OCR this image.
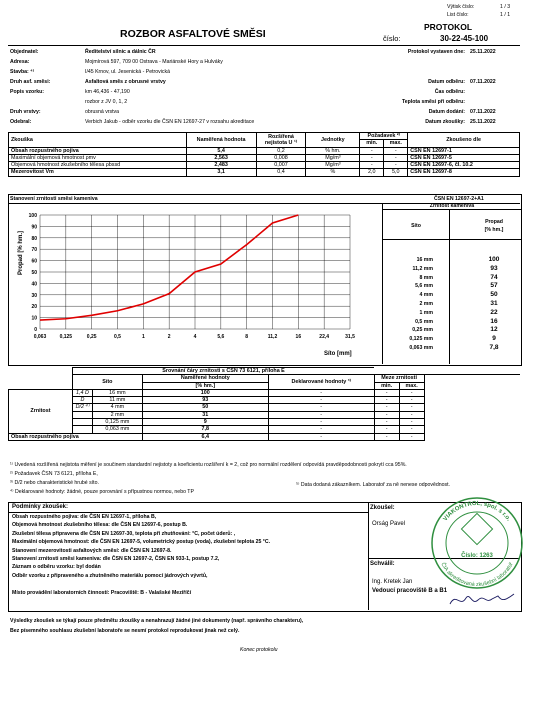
Výtisk číslo:	1 / 3
List číslo:	1 / 1
ROZBOR ASFALTOVÉ SMĚSI
PROTOKOL
číslo:	30-22-45-100
Objednatel:	Ředitelství silnic a dálnic ČR
Adresa:	Mojmírová 597, 709 00 Ostrava - Mariánské Hory a Hulváky
Stavba: ⁴⁾	I/45 Krnov, ul. Jesenická - Petrovická
Druh asf. směsi:	Asfaltová směs z obrusné vrstvy
Popis vzorku:	km 46,436 - 47,190
rozbor z JV 0, 1, 2
Druh vrstvy:	obrusná vrstva
Odebral:	Verbich Jakub - odběr vzorku dle ČSN EN 12697-27 v rozsahu akreditace
Protokol vystaven dne: 25.11.2022
Datum odběru: 07.11.2022
Čas odběru:
Teplota směsi při odběru:
Datum dodání: 07.11.2022
Datum zkoušky: 25.11.2022
Zkouška	Naměřená hodnota	Rozšířená nejistota U ¹⁾	Jednotky	Požadavek ²⁾		Zkoušeno dle
				min.	max.	
Obsah rozpustného pojiva	5,4	0,2	% hm.	-	-	ČSN EN 12697-1
Maximální objemová hmotnost ρmv	2,563	0,008	Mg/m³	-	-	ČSN EN 12697-5
Objemová hmotnost zkušebního tělesa ρbssd	2,483	0,007	Mg/m³	-	-	ČSN EN 12697-6, čl. 10.2
Mezerovitost Vm	3,1	0,4	%	2,0	5,0	ČSN EN 12697-8
Stanovení zrnitosti směsi kameniva	ČSN EN 12697-2+A1
0
10
20
30
40
50
60
70
80
90
100
0,063	0,125	0,25	0,5	1	2	4	5,6	8	11,2	16	22,4	31,5
Propad [% hm.]
Síto [mm]
Zrnitost kameniva
Síto
Propad
[% hm.]
16 mm	100
11,2 mm	93
8 mm	74
5,6 mm	57
4 mm	50
2 mm	31
1 mm	22
0,5 mm	16
0,25 mm	12
0,125 mm	9
0,063 mm	7,8
	Srovnání čáry zrnitosti s ČSN 73 6121, příloha E						
	Síto		Naměřené hodnoty	Deklarované hodnoty ³⁾	Meze zrnitosti		
			[% hm.]		min.	max.	
Zrnitost	1,4 D	16 mm	100	-	-	-	
	D	11 mm	93	-	-	-	
	D/2 ⁴⁾	4 mm	50	-	-	-	
		2 mm	31	-	-	-	
		0,125 mm	9	-	-	-	
		0,063 mm	7,8	-	-	-	
Obsah rozpustného pojiva			6,4	-	-	-	
¹⁾ Uvedená rozšířená nejistota měření je součinem standardní nejistoty a koeficientu rozšíření k = 2, což pro normální rozdělení odpovídá pravděpodobnosti pokrytí cca 95%.
²⁾ Požadavek ČSN 73 6121, příloha E,
³⁾ D/2 nebo charakteristické hrubé síto.
⁴⁾ Deklarované hodnoty: žádné, pouze porovnání s přípustnou normou, nebo TP
⁵⁾ Data dodaná zákazníkem. Laboratoř za ně nenese odpovědnost.
Podmínky zkoušek:
Obsah rozpustného pojiva: dle ČSN EN 12697-1, příloha B,
Objemová hmotnost zkušebního tělesa: dle ČSN EN 12697-6, postup B.
Zkušební tělesa připravena dle ČSN EN 12697-30, teplota při zhutňování: °C, počet úderů: ,
Maximální objemová hmotnost: dle ČSN EN 12697-5, volumetrický postup (voda), zkušební teplota 25 °C.
Stanovení mezerovitosti asfaltových směsí: dle ČSN EN 12697-8.
Stanovení zrnitosti směsi kameniva: dle ČSN EN 12697-2, ČSN EN 933-1, postup 7.2,
Záznam o odběru vzorku: byl dodán
Odběr vzorku z připraveného a zhutněného materiálu pomocí jádrových vývrtů,
Místo provádění laboratorních činností: Pracoviště: B - Valašské Meziříčí
Zkoušel:
Orság Pavel
Schválil:
Ing. Kretek Jan
Vedoucí pracoviště B a B1
VIAKONTROL, spol. s r.o.
ČIA akreditovaná zkušební laboratoř
Číslo: 1263
Výsledky zkoušek se týkají pouze předmětu zkoušky a nenahrazují žádné jiné dokumenty (např. správního charakteru),
Bez písemného souhlasu zkušební laboratoře se nesmí protokol reprodukovat jinak než celý.
Konec protokolu
